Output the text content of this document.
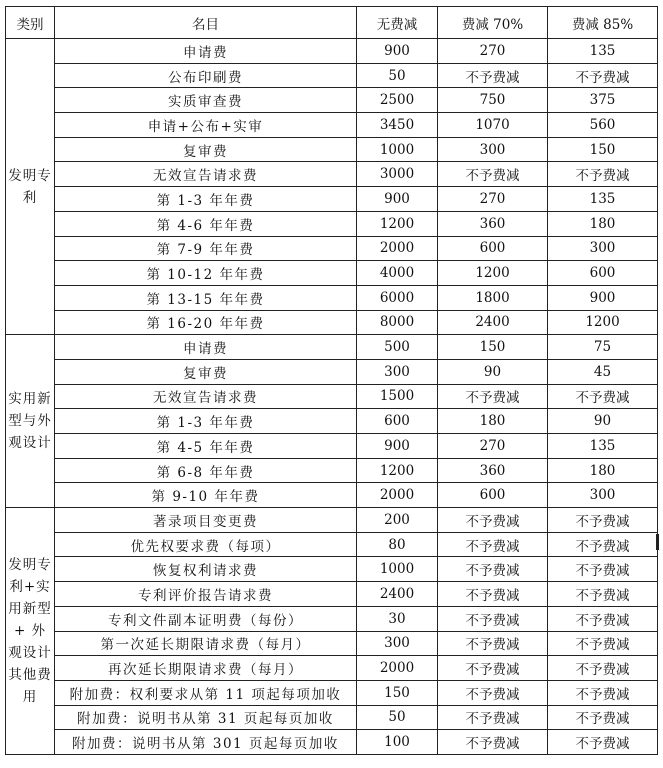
类别	名目	无费减	费减 70%	费减 85%
发明专利	申请费	900	270	135
	公布印刷费	50	不予费减	不予费减
	实质审查费	2500	750	375
	申请+公布+实审	3450	1070	560
	复审费	1000	300	150
	无效宣告请求费	3000	不予费减	不予费减
	第 1-3 年年费	900	270	135
	第 4-6 年年费	1200	360	180
	第 7-9 年年费	2000	600	300
	第 10-12 年年费	4000	1200	600
	第 13-15 年年费	6000	1800	900
	第 16-20 年年费	8000	2400	1200
实用新型与外观设计	申请费	500	150	75
	复审费	300	90	45
	无效宣告请求费	1500	不予费减	不予费减
	第 1-3 年年费	600	180	90
	第 4-5 年年费	900	270	135
	第 6-8 年年费	1200	360	180
	第 9-10 年年费	2000	600	300
发明专利+实用新型+ 外观设计 其他费用	著录项目变更费	200	不予费减	不予费减
	优先权要求费（每项）	80	不予费减	不予费减
	恢复权利请求费	1000	不予费减	不予费减
	专利评价报告请求费	2400	不予费减	不予费减
	专利文件副本证明费（每份）	30	不予费减	不予费减
	第一次延长期限请求费（每月）	300	不予费减	不予费减
	再次延长期限请求费（每月）	2000	不予费减	不予费减
	附加费：权利要求从第 11 项起每项加收	150	不予费减	不予费减
	附加费：说明书从第 31 页起每页加收	50	不予费减	不予费减
	附加费：说明书从第 301 页起每页加收	100	不予费减	不予费减
